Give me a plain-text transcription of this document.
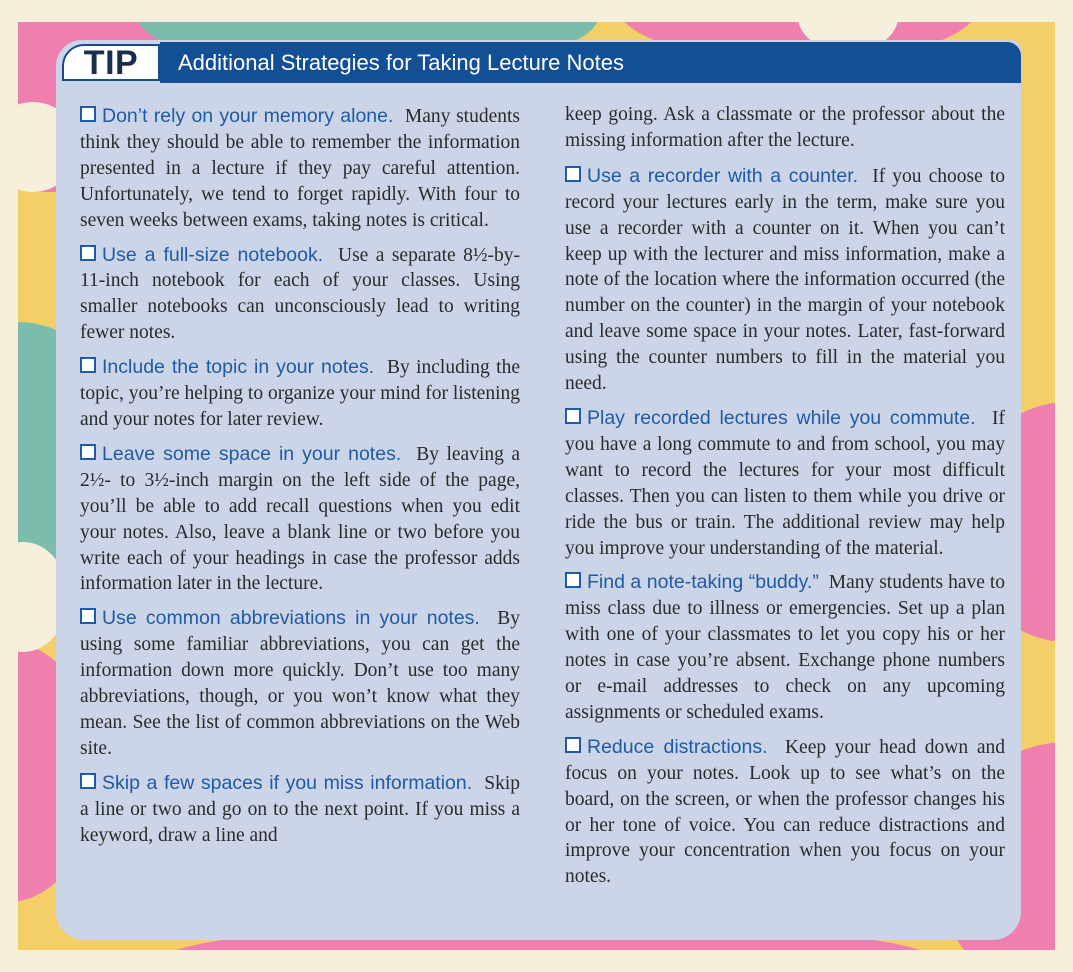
Additional Strategies for Taking Lecture Notes
TIP
Don’t rely on your memory alone. Many students think they should be able to remember the information presented in a lecture if they pay careful attention. Unfortunately, we tend to forget rapidly. With four to seven weeks between exams, taking notes is critical.
Use a full-size notebook. Use a separate 8½-by-11-inch notebook for each of your classes. Using smaller notebooks can unconsciously lead to writing fewer notes.
Include the topic in your notes. By including the topic, you’re helping to organize your mind for listening and your notes for later review.
Leave some space in your notes. By leaving a 2½- to 3½-inch margin on the left side of the page, you’ll be able to add recall questions when you edit your notes. Also, leave a blank line or two before you write each of your headings in case the professor adds information later in the lecture.
Use common abbreviations in your notes. By using some familiar abbreviations, you can get the information down more quickly. Don’t use too many abbreviations, though, or you won’t know what they mean. See the list of common abbreviations on the Web site.
Skip a few spaces if you miss information. Skip a line or two and go on to the next point. If you miss a keyword, draw a line and
keep going. Ask a classmate or the professor about the missing information after the lecture.
Use a recorder with a counter. If you choose to record your lectures early in the term, make sure you use a recorder with a counter on it. When you can’t keep up with the lecturer and miss information, make a note of the location where the information occurred (the number on the counter) in the margin of your notebook and leave some space in your notes. Later, fast-forward using the counter numbers to fill in the material you need.
Play recorded lectures while you commute. If you have a long commute to and from school, you may want to record the lectures for your most difficult classes. Then you can listen to them while you drive or ride the bus or train. The additional review may help you improve your understanding of the material.
Find a note-taking “buddy.” Many students have to miss class due to illness or emergencies. Set up a plan with one of your classmates to let you copy his or her notes in case you’re absent. Exchange phone numbers or e-mail addresses to check on any upcoming assignments or scheduled exams.
Reduce distractions. Keep your head down and focus on your notes. Look up to see what’s on the board, on the screen, or when the professor changes his or her tone of voice. You can reduce distractions and improve your concentration when you focus on your notes.
